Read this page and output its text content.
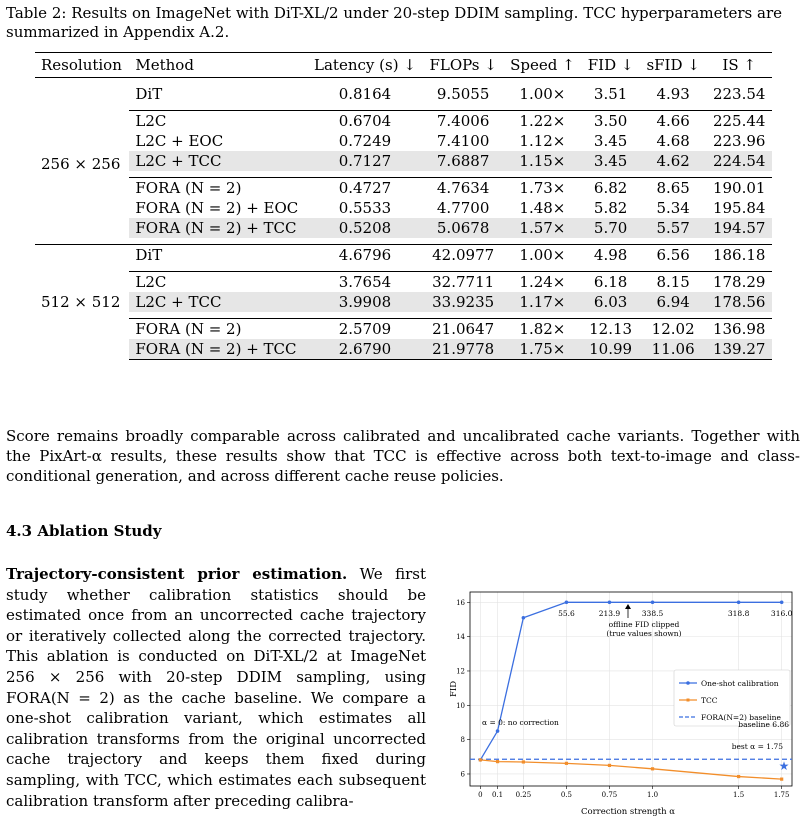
Table 2: Results on ImageNet with DiT-XL/2 under 20-step DDIM sampling. TCC hyperparameters are summarized in Appendix A.2.
Resolution	Method	Latency (s) ↓	FLOPs ↓	Speed ↑	FID ↓	sFID ↓	IS ↑

256 × 256	DiT	0.8164	9.5055	1.00×	3.51	4.93	223.54

	L2C	0.6704	7.4006	1.22×	3.50	4.66	225.44
	L2C + EOC	0.7249	7.4100	1.12×	3.45	4.68	223.96
	L2C + TCC	0.7127	7.6887	1.15×	3.45	4.62	224.54

	FORA (N = 2)	0.4727	4.7634	1.73×	6.82	8.65	190.01
	FORA (N = 2) + EOC	0.5533	4.7700	1.48×	5.82	5.34	195.84
	FORA (N = 2) + TCC	0.5208	5.0678	1.57×	5.70	5.57	194.57

512 × 512	DiT	4.6796	42.0977	1.00×	4.98	6.56	186.18

	L2C	3.7654	32.7711	1.24×	6.18	8.15	178.29
	L2C + TCC	3.9908	33.9235	1.17×	6.03	6.94	178.56

	FORA (N = 2)	2.5709	21.0647	1.82×	12.13	12.02	136.98
	FORA (N = 2) + TCC	2.6790	21.9778	1.75×	10.99	11.06	139.27
Score remains broadly comparable across calibrated and uncalibrated cache variants. Together with the PixArt-α results, these results show that TCC is effective across both text-to-image and class-conditional generation, and across different cache reuse policies.
4.3 Ablation Study
Trajectory-consistent prior estimation. We first study whether calibration statistics should be estimated once from an uncorrected cache trajectory or iteratively collected along the corrected trajectory. This ablation is conducted on DiT-XL/2 at ImageNet 256 × 256 with 20-step DDIM sampling, using FORA(N = 2) as the cache baseline. We compare a one-shot calibration variant, which estimates all calibration transforms from the original uncorrected cache trajectory and keeps them fixed during sampling, with TCC, which estimates each subsequent calibration transform after preceding calibra-
55.6	213.9	338.5	318.8	316.0
0 0.1 0.25	0.5	0.75	1.0	1.5	1.75
6
8
10
12
14
16
Correction strength α
FID	One-shot calibration
TCC
FORA(N=2) baseline
offline FID clipped
(true values shown)
α = 0: no correction	baseline 6.86
best α = 1.75
★
